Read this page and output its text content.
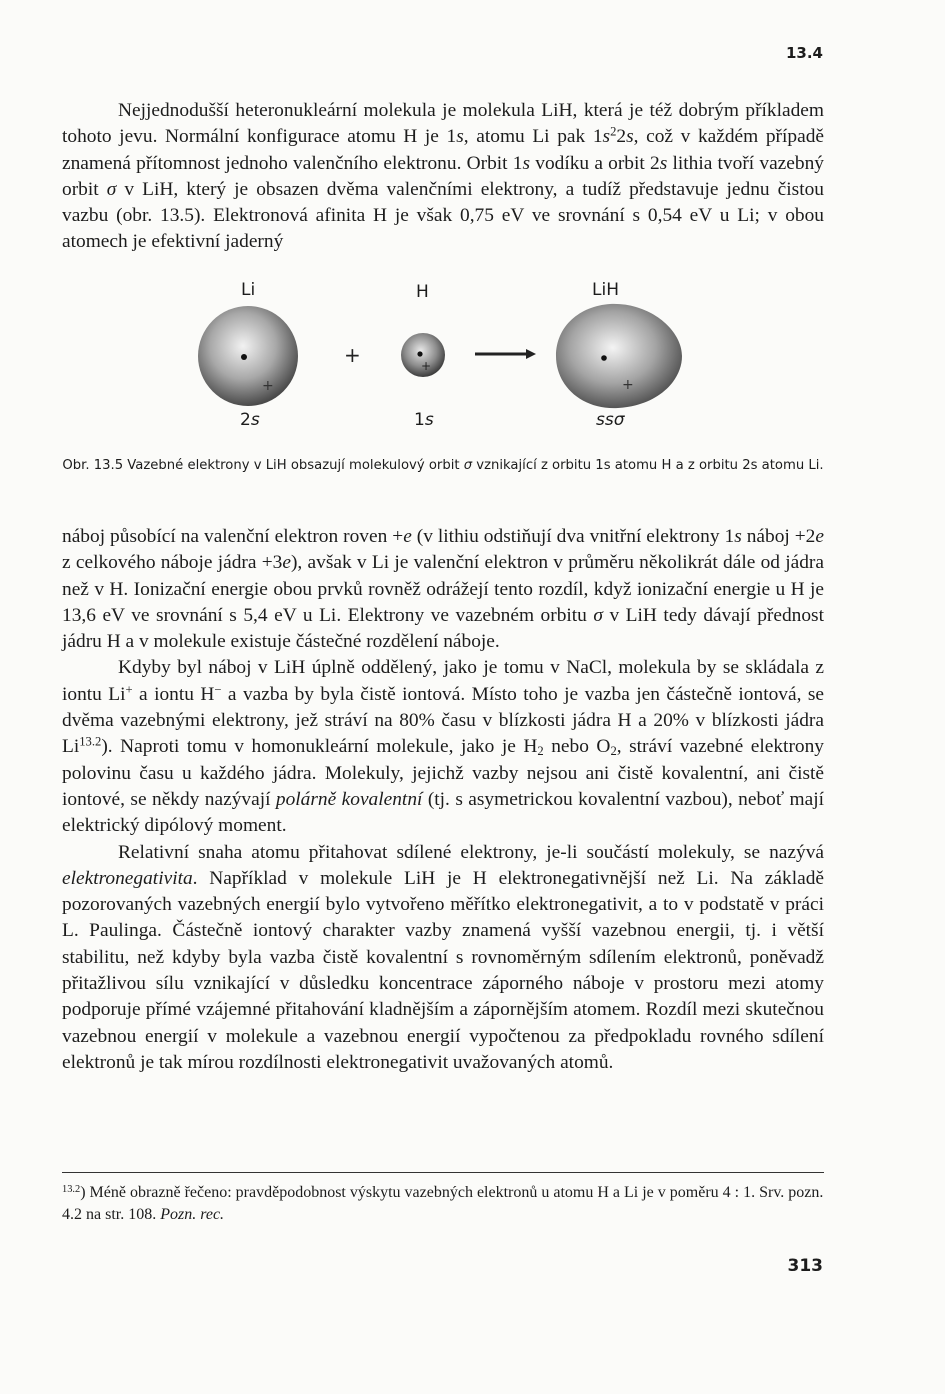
13.4
Nejjednodušší heteronukleární molekula je molekula LiH, která je též dobrým příkladem tohoto jevu. Normální konfigurace atomu H je 1s, atomu Li pak $1s^22s$, což v každém případě znamená přítomnost jednoho valenčního elektronu. Orbit 1s vodíku a orbit 2s lithia tvoří vazebný orbit σ v LiH, který je obsazen dvěma valenčními elektrony, a tudíž představuje jednu čistou vazbu (obr. 13.5). Elektronová afinita H je však 0,75 eV ve srovnání s 0,54 eV u Li; v obou atomech je efektivní jaderný
Li	H	LiH
+
+	+
+
2s	1s	ssσ
Obr. 13.5 Vazebné elektrony v LiH obsazují molekulový orbit σ vznikající z orbitu 1s atomu H a z orbitu 2s atomu Li.
náboj působící na valenční elektron roven +e (v lithiu odstiňují dva vnitřní elektrony 1s náboj +2e z celkového náboje jádra +3e), avšak v Li je valenční elektron v průměru několikrát dále od jádra než v H. Ionizační energie obou prvků rovněž odrážejí tento rozdíl, když ionizační energie u H je 13,6 eV ve srovnání s 5,4 eV u Li. Elektrony ve vazebném orbitu σ v LiH tedy dávají přednost jádru H a v molekule existuje částečné rozdělení náboje.
Kdyby byl náboj v LiH úplně oddělený, jako je tomu v NaCl, molekula by se skládala z iontu Li+ a iontu H− a vazba by byla čistě iontová. Místo toho je vazba jen částečně iontová, se dvěma vazebnými elektrony, jež stráví na 80% času v blízkosti jádra H a 20% v blízkosti jádra $Li^{13.2}$). Naproti tomu v homonukleární molekule, jako je $H_2$ nebo $O_2$, stráví vazebné elektrony polovinu času u každého jádra. Molekuly, jejichž vazby nejsou ani čistě kovalentní, ani čistě iontové, se někdy nazývají polárně kovalentní (tj. s asymetrickou kovalentní vazbou), neboť mají elektrický dipólový moment.
Relativní snaha atomu přitahovat sdílené elektrony, je-li součástí molekuly, se nazývá elektronegativita. Například v molekule LiH je H elektronegativnější než Li. Na základě pozorovaných vazebných energií bylo vytvořeno měřítko elektronegativit, a to v podstatě v práci L. Paulinga. Částečně iontový charakter vazby znamená vyšší vazebnou energii, tj. i větší stabilitu, než kdyby byla vazba čistě kovalentní s rovnoměrným sdílením elektronů, poněvadž přitažlivou sílu vznikající v důsledku koncentrace záporného náboje v prostoru mezi atomy podporuje přímé vzájemné přitahování kladnějším a zápornějším atomem. Rozdíl mezi skutečnou vazebnou energií v molekule a vazebnou energií vypočtenou za předpokladu rovného sdílení elektronů je tak mírou rozdílnosti elektronegativit uvažovaných atomů.
$^{13.2}$) Méně obrazně řečeno: pravděpodobnost výskytu vazebných elektronů u atomu H a Li je v poměru 4 : 1. Srv. pozn. 4.2 na str. 108. Pozn. rec.
313
